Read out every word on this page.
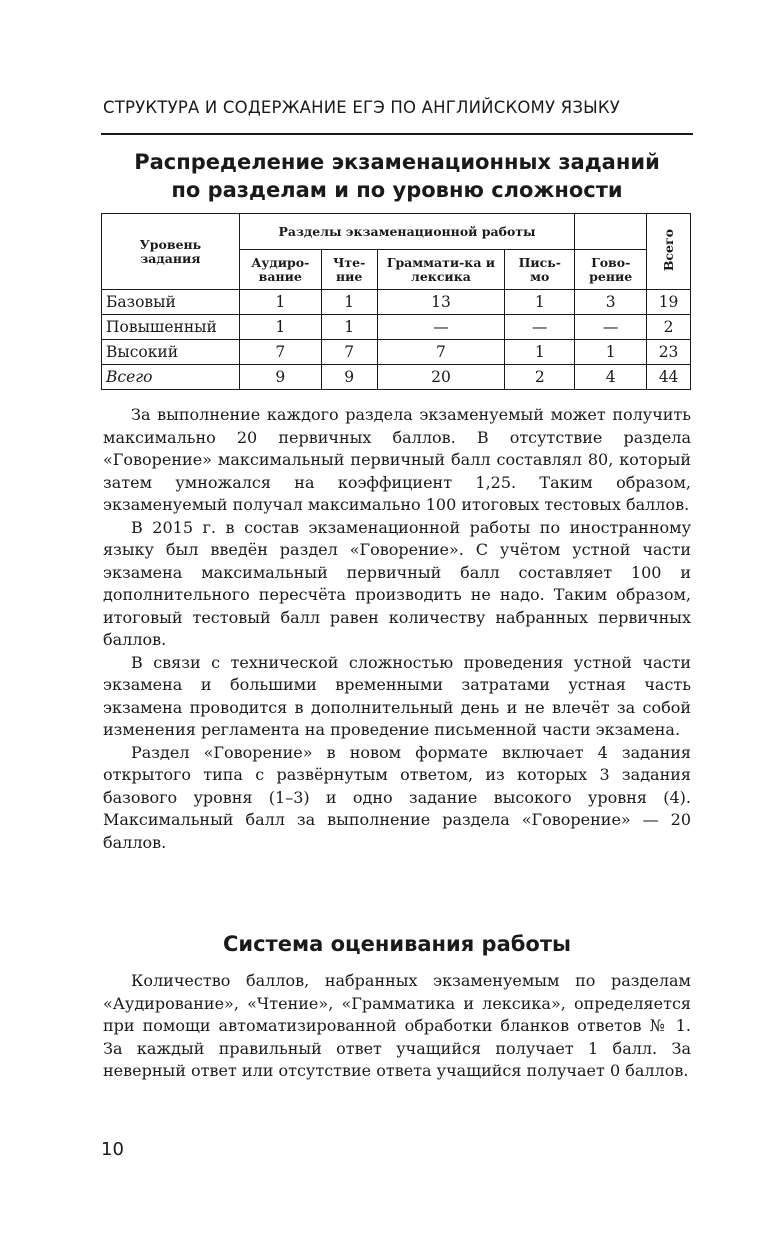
СТРУКТУРА И СОДЕРЖАНИЕ ЕГЭ ПО АНГЛИЙСКОМУ ЯЗЫКУ
Распределение экзаменационных заданий
по разделам и по уровню сложности
Уровень задания	Разделы экзаменационной работы					Всего
	Аудиро-вание	Чте-ние	Граммати-ка и лексика	Пись-мо	Гово-рение	
Базовый	1	1	13	1	3	19
Повышенный	1	1	—	—	—	2
Высокий	7	7	7	1	1	23
Всего	9	9	20	2	4	44

За выполнение каждого раздела экзаменуемый может получить максимально 20 первичных баллов. В отсутствие раздела «Говорение» максимальный первичный балл составлял 80, который затем умножался на коэффициент 1,25. Таким образом, экзаменуемый получал максимально 100 итоговых тестовых баллов.

В 2015 г. в состав экзаменационной работы по иностранному языку был введён раздел «Говорение». С учётом устной части экзамена максимальный первичный балл составляет 100 и дополнительного пересчёта производить не надо. Таким образом, итоговый тестовый балл равен количеству набранных первичных баллов.

В связи с технической сложностью проведения устной части экзамена и большими временными затратами устная часть экзамена проводится в дополнительный день и не влечёт за собой изменения регламента на проведение письменной части экзамена.

Раздел «Говорение» в новом формате включает 4 задания открытого типа с развёрнутым ответом, из которых 3 задания базового уровня (1–3) и одно задание высокого уровня (4). Максимальный балл за выполнение раздела «Говорение» — 20 баллов.

Система оценивания работы

Количество баллов, набранных экзаменуемым по разделам «Аудирование», «Чтение», «Грамматика и лексика», определяется при помощи автоматизированной обработки бланков ответов № 1. За каждый правильный ответ учащийся получает 1 балл. За неверный ответ или отсутствие ответа учащийся получает 0 баллов.

10
